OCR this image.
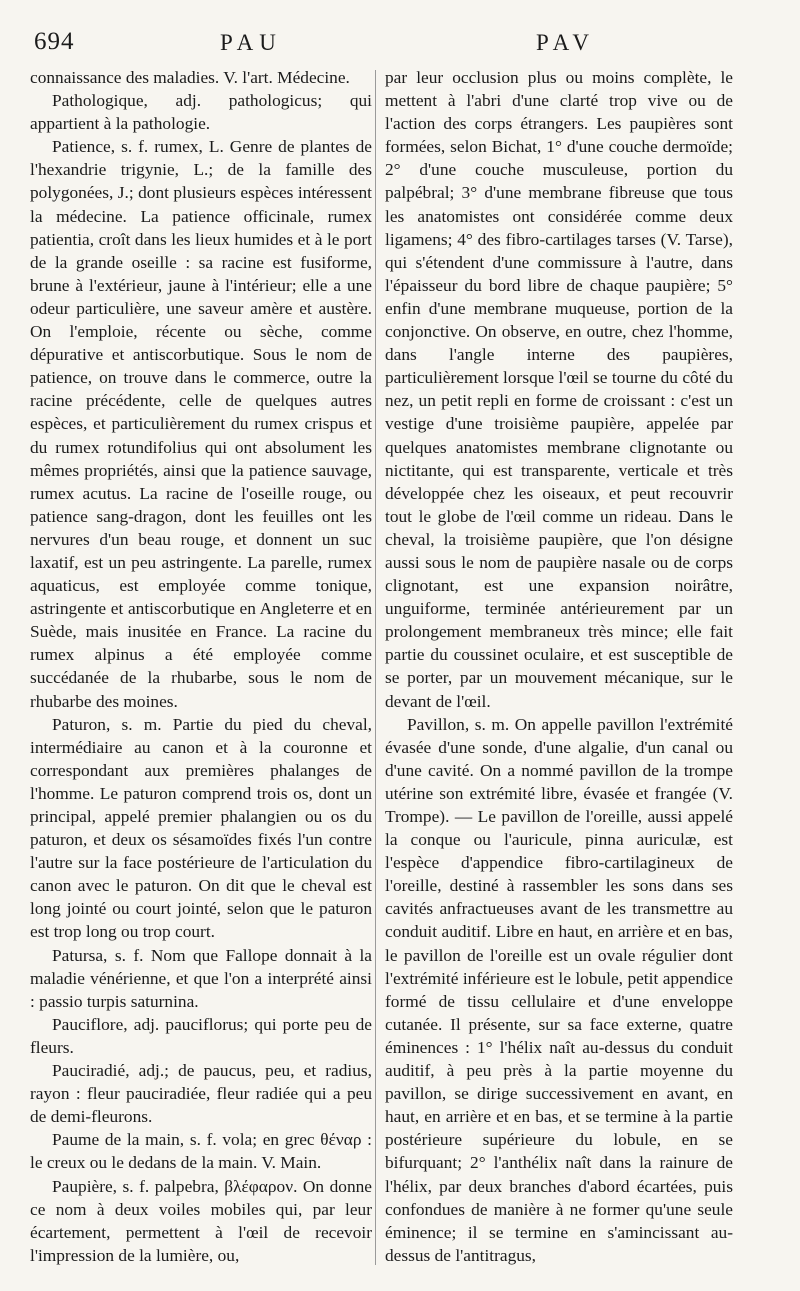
694	PAU	PAV

connaissance des maladies. V. l'art. Médecine.

Pathologique, adj. pathologicus; qui appartient à la pathologie.

Patience, s. f. rumex, L. Genre de plantes de l'hexandrie trigynie, L.; de la famille des polygonées, J.; dont plusieurs espèces intéressent la médecine. La patience officinale, rumex patientia, croît dans les lieux humides et à le port de la grande oseille : sa racine est fusiforme, brune à l'extérieur, jaune à l'intérieur; elle a une odeur particulière, une saveur amère et austère. On l'emploie, récente ou sèche, comme dépurative et antiscorbutique. Sous le nom de patience, on trouve dans le commerce, outre la racine précédente, celle de quelques autres espèces, et particulièrement du rumex crispus et du rumex rotundifolius qui ont absolument les mêmes propriétés, ainsi que la patience sauvage, rumex acutus. La racine de l'oseille rouge, ou patience sang-dragon, dont les feuilles ont les nervures d'un beau rouge, et donnent un suc laxatif, est un peu astringente. La parelle, rumex aquaticus, est employée comme tonique, astringente et antiscorbutique en Angleterre et en Suède, mais inusitée en France. La racine du rumex alpinus a été employée comme succédanée de la rhubarbe, sous le nom de rhubarbe des moines.

Paturon, s. m. Partie du pied du cheval, intermédiaire au canon et à la couronne et correspondant aux premières phalanges de l'homme. Le paturon comprend trois os, dont un principal, appelé premier phalangien ou os du paturon, et deux os sésamoïdes fixés l'un contre l'autre sur la face postérieure de l'articulation du canon avec le paturon. On dit que le cheval est long jointé ou court jointé, selon que le paturon est trop long ou trop court.

Patursa, s. f. Nom que Fallope donnait à la maladie vénérienne, et que l'on a interprété ainsi : passio turpis saturnina.

Pauciflore, adj. pauciflorus; qui porte peu de fleurs.

Pauciradié, adj.; de paucus, peu, et radius, rayon : fleur pauciradiée, fleur radiée qui a peu de demi-fleurons.

Paume de la main, s. f. vola; en grec θέναρ : le creux ou le dedans de la main. V. Main.

Paupière, s. f. palpebra, βλέφαρον. On donne ce nom à deux voiles mobiles qui, par leur écartement, permettent à l'œil de recevoir l'impression de la lumière, ou,

par leur occlusion plus ou moins complète, le mettent à l'abri d'une clarté trop vive ou de l'action des corps étrangers. Les paupières sont formées, selon Bichat, 1° d'une couche dermoïde; 2° d'une couche musculeuse, portion du palpébral; 3° d'une membrane fibreuse que tous les anatomistes ont considérée comme deux ligamens; 4° des fibro-cartilages tarses (V. Tarse), qui s'étendent d'une commissure à l'autre, dans l'épaisseur du bord libre de chaque paupière; 5° enfin d'une membrane muqueuse, portion de la conjonctive. On observe, en outre, chez l'homme, dans l'angle interne des paupières, particulièrement lorsque l'œil se tourne du côté du nez, un petit repli en forme de croissant : c'est un vestige d'une troisième paupière, appelée par quelques anatomistes membrane clignotante ou nictitante, qui est transparente, verticale et très développée chez les oiseaux, et peut recouvrir tout le globe de l'œil comme un rideau. Dans le cheval, la troisième paupière, que l'on désigne aussi sous le nom de paupière nasale ou de corps clignotant, est une expansion noirâtre, unguiforme, terminée antérieurement par un prolongement membraneux très mince; elle fait partie du coussinet oculaire, et est susceptible de se porter, par un mouvement mécanique, sur le devant de l'œil.

Pavillon, s. m. On appelle pavillon l'extrémité évasée d'une sonde, d'une algalie, d'un canal ou d'une cavité. On a nommé pavillon de la trompe utérine son extrémité libre, évasée et frangée (V. Trompe). — Le pavillon de l'oreille, aussi appelé la conque ou l'auricule, pinna auriculæ, est l'espèce d'appendice fibro-cartilagineux de l'oreille, destiné à rassembler les sons dans ses cavités anfractueuses avant de les transmettre au conduit auditif. Libre en haut, en arrière et en bas, le pavillon de l'oreille est un ovale régulier dont l'extrémité inférieure est le lobule, petit appendice formé de tissu cellulaire et d'une enveloppe cutanée. Il présente, sur sa face externe, quatre éminences : 1° l'hélix naît au-dessus du conduit auditif, à peu près à la partie moyenne du pavillon, se dirige successivement en avant, en haut, en arrière et en bas, et se termine à la partie postérieure supérieure du lobule, en se bifurquant; 2° l'anthélix naît dans la rainure de l'hélix, par deux branches d'abord écartées, puis confondues de manière à ne former qu'une seule éminence; il se termine en s'amincissant au-dessus de l'antitragus,
